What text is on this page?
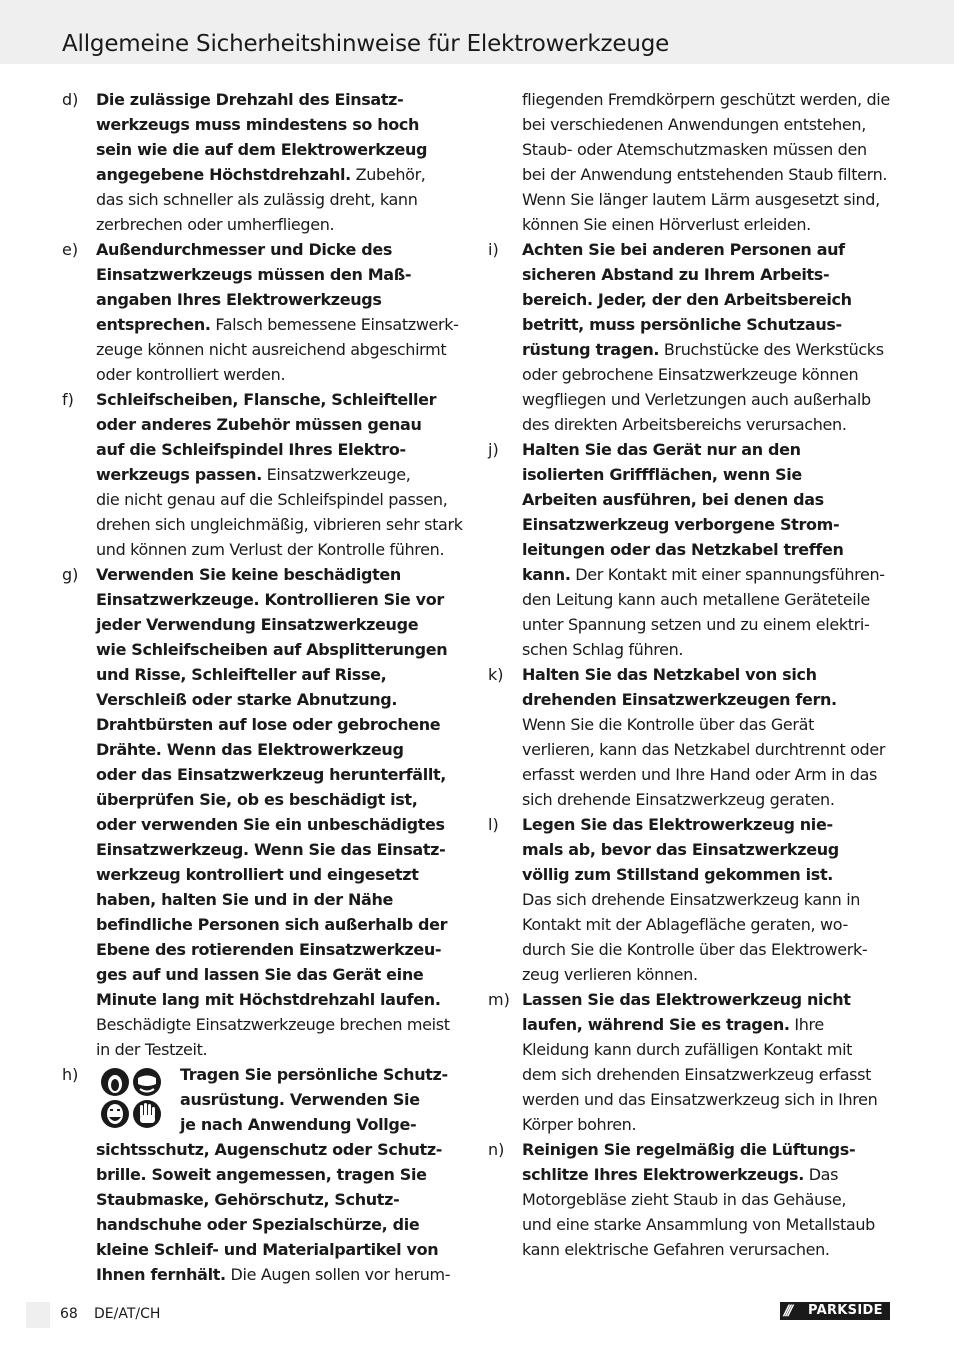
Allgemeine Sicherheitshinweise für Elektrowerkzeuge
d) Die zulässige Drehzahl des Einsatz-
werkzeugs muss mindestens so hoch
sein wie die auf dem Elektrowerkzeug
angegebene Höchstdrehzahl. Zubehör,
das sich schneller als zulässig dreht, kann
zerbrechen oder umherfliegen.
e) Außendurchmesser und Dicke des
Einsatzwerkzeugs müssen den Maß-
angaben Ihres Elektrowerkzeugs
entsprechen. Falsch bemessene Einsatzwerk-
zeuge können nicht ausreichend abgeschirmt
oder kontrolliert werden.
f) Schleifscheiben, Flansche, Schleifteller
oder anderes Zubehör müssen genau
auf die Schleifspindel Ihres Elektro-
werkzeugs passen. Einsatzwerkzeuge,
die nicht genau auf die Schleifspindel passen,
drehen sich ungleichmäßig, vibrieren sehr stark
und können zum Verlust der Kontrolle führen.
g) Verwenden Sie keine beschädigten
Einsatzwerkzeuge. Kontrollieren Sie vor
jeder Verwendung Einsatzwerkzeuge
wie Schleifscheiben auf Absplitterungen
und Risse, Schleifteller auf Risse,
Verschleiß oder starke Abnutzung.
Drahtbürsten auf lose oder gebrochene
Drähte. Wenn das Elektrowerkzeug
oder das Einsatzwerkzeug herunterfällt,
überprüfen Sie, ob es beschädigt ist,
oder verwenden Sie ein unbeschädigtes
Einsatzwerkzeug. Wenn Sie das Einsatz-
werkzeug kontrolliert und eingesetzt
haben, halten Sie und in der Nähe
befindliche Personen sich außerhalb der
Ebene des rotierenden Einsatzwerkzeu-
ges auf und lassen Sie das Gerät eine
Minute lang mit Höchstdrehzahl laufen.
Beschädigte Einsatzwerkzeuge brechen meist
in der Testzeit.
h)	Tragen Sie persönliche Schutz-
ausrüstung. Verwenden Sie
je nach Anwendung Vollge-
sichtsschutz, Augenschutz oder Schutz-
brille. Soweit angemessen, tragen Sie
Staubmaske, Gehörschutz, Schutz-
handschuhe oder Spezialschürze, die
kleine Schleif- und Materialpartikel von
Ihnen fernhält. Die Augen sollen vor herum-
fliegenden Fremdkörpern geschützt werden, die
bei verschiedenen Anwendungen entstehen,
Staub- oder Atemschutzmasken müssen den
bei der Anwendung entstehenden Staub filtern.
Wenn Sie länger lautem Lärm ausgesetzt sind,
können Sie einen Hörverlust erleiden.
i) Achten Sie bei anderen Personen auf
sicheren Abstand zu Ihrem Arbeits-
bereich. Jeder, der den Arbeitsbereich
betritt, muss persönliche Schutzaus-
rüstung tragen. Bruchstücke des Werkstücks
oder gebrochene Einsatzwerkzeuge können
wegfliegen und Verletzungen auch außerhalb
des direkten Arbeitsbereichs verursachen.
j) Halten Sie das Gerät nur an den
isolierten Griffflächen, wenn Sie
Arbeiten ausführen, bei denen das
Einsatzwerkzeug verborgene Strom-
leitungen oder das Netzkabel treffen
kann. Der Kontakt mit einer spannungsführen-
den Leitung kann auch metallene Geräteteile
unter Spannung setzen und zu einem elektri-
schen Schlag führen.
k) Halten Sie das Netzkabel von sich
drehenden Einsatzwerkzeugen fern.
Wenn Sie die Kontrolle über das Gerät
verlieren, kann das Netzkabel durchtrennt oder
erfasst werden und Ihre Hand oder Arm in das
sich drehende Einsatzwerkzeug geraten.
l) Legen Sie das Elektrowerkzeug nie-
mals ab, bevor das Einsatzwerkzeug
völlig zum Stillstand gekommen ist.
Das sich drehende Einsatzwerkzeug kann in
Kontakt mit der Ablagefläche geraten, wo-
durch Sie die Kontrolle über das Elektrowerk-
zeug verlieren können.
m) Lassen Sie das Elektrowerkzeug nicht
laufen, während Sie es tragen. Ihre
Kleidung kann durch zufälligen Kontakt mit
dem sich drehenden Einsatzwerkzeug erfasst
werden und das Einsatzwerkzeug sich in Ihren
Körper bohren.
n) Reinigen Sie regelmäßig die Lüftungs-
schlitze Ihres Elektrowerkzeugs. Das
Motorgebläse zieht Staub in das Gehäuse,
und eine starke Ansammlung von Metallstaub
kann elektrische Gefahren verursachen.
68 DE/AT/CH	/// PARKSIDE
